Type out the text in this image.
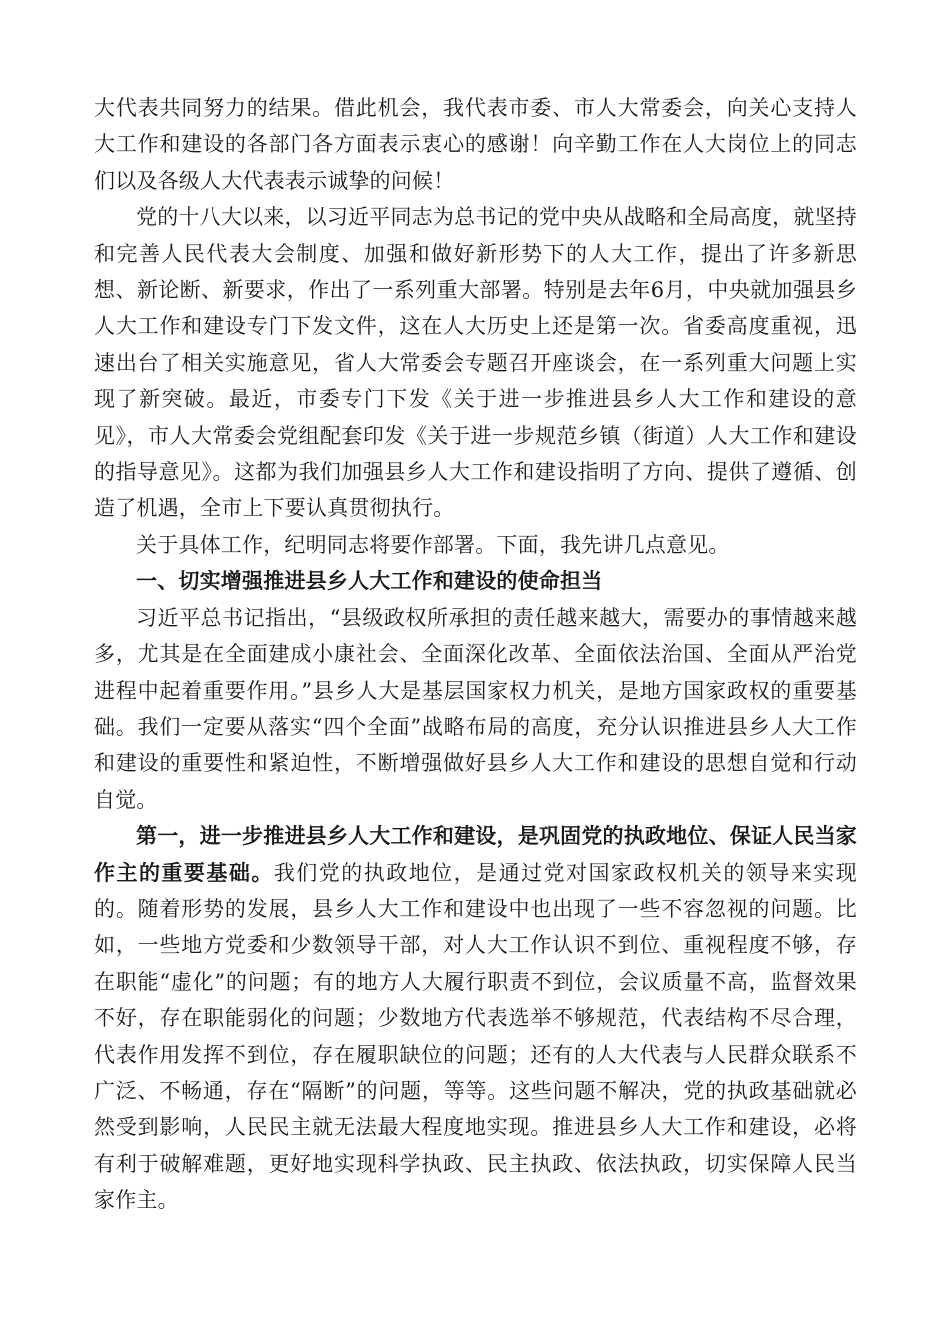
大代表共同努力的结果。借此机会，我代表市委、市人大常委会，向关心支持人大工作和建设的各部门各方面表示衷心的感谢！向辛勤工作在人大岗位上的同志们以及各级人大代表表示诚挚的问候！

党的十八大以来，以习近平同志为总书记的党中央从战略和全局高度，就坚持和完善人民代表大会制度、加强和做好新形势下的人大工作，提出了许多新思想、新论断、新要求，作出了一系列重大部署。特别是去年6月，中央就加强县乡人大工作和建设专门下发文件，这在人大历史上还是第一次。省委高度重视，迅速出台了相关实施意见，省人大常委会专题召开座谈会，在一系列重大问题上实现了新突破。最近，市委专门下发《关于进一步推进县乡人大工作和建设的意见》，市人大常委会党组配套印发《关于进一步规范乡镇（街道）人大工作和建设的指导意见》。这都为我们加强县乡人大工作和建设指明了方向、提供了遵循、创造了机遇，全市上下要认真贯彻执行。

关于具体工作，纪明同志将要作部署。下面，我先讲几点意见。

一、切实增强推进县乡人大工作和建设的使命担当

习近平总书记指出，“县级政权所承担的责任越来越大，需要办的事情越来越多，尤其是在全面建成小康社会、全面深化改革、全面依法治国、全面从严治党进程中起着重要作用。”县乡人大是基层国家权力机关，是地方国家政权的重要基础。我们一定要从落实“四个全面”战略布局的高度，充分认识推进县乡人大工作和建设的重要性和紧迫性，不断增强做好县乡人大工作和建设的思想自觉和行动自觉。

第一，进一步推进县乡人大工作和建设，是巩固党的执政地位、保证人民当家作主的重要基础。我们党的执政地位，是通过党对国家政权机关的领导来实现的。随着形势的发展，县乡人大工作和建设中也出现了一些不容忽视的问题。比如，一些地方党委和少数领导干部，对人大工作认识不到位、重视程度不够，存在职能“虚化”的问题；有的地方人大履行职责不到位，会议质量不高，监督效果不好，存在职能弱化的问题；少数地方代表选举不够规范，代表结构不尽合理，代表作用发挥不到位，存在履职缺位的问题；还有的人大代表与人民群众联系不广泛、不畅通，存在“隔断”的问题，等等。这些问题不解决，党的执政基础就必然受到影响，人民民主就无法最大程度地实现。推进县乡人大工作和建设，必将有利于破解难题，更好地实现科学执政、民主执政、依法执政，切实保障人民当家作主。
